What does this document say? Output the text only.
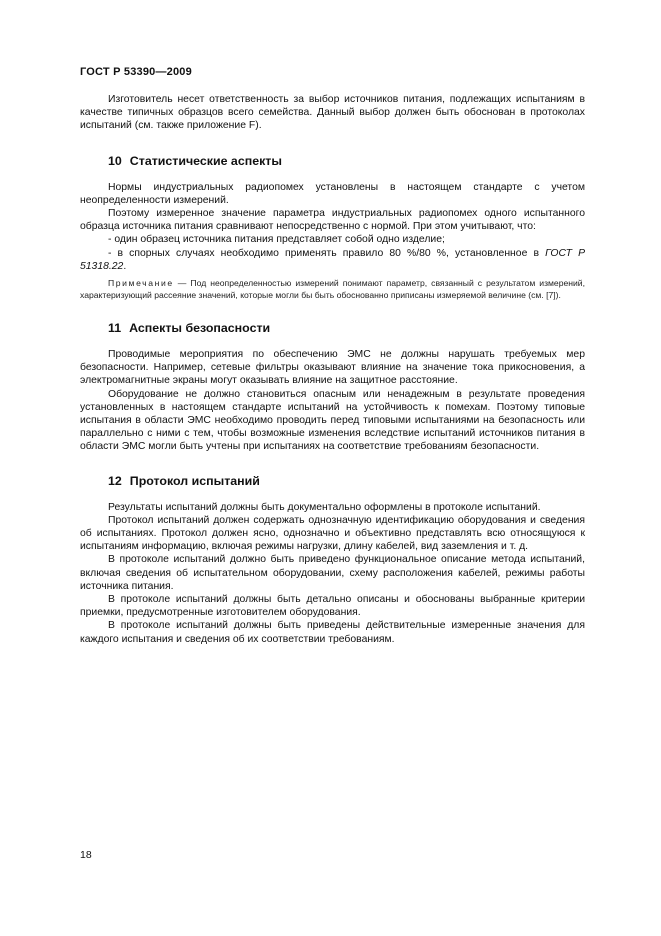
ГОСТ Р 53390—2009

Изготовитель несет ответственность за выбор источников питания, подлежащих испытаниям в качестве типичных образцов всего семейства. Данный выбор должен быть обоснован в протоколах испытаний (см. также приложение F).

10 Статистические аспекты

Нормы индустриальных радиопомех установлены в настоящем стандарте с учетом неопределенности измерений.

Поэтому измеренное значение параметра индустриальных радиопомех одного испытанного образца источника питания сравнивают непосредственно с нормой. При этом учитывают, что:

- один образец источника питания представляет собой одно изделие;

- в спорных случаях необходимо применять правило 80 %/80 %, установленное в ГОСТ Р 51318.22.

Примечание — Под неопределенностью измерений понимают параметр, связанный с результатом измерений, характеризующий рассеяние значений, которые могли бы быть обоснованно приписаны измеряемой величине (см. [7]).

11 Аспекты безопасности

Проводимые мероприятия по обеспечению ЭМС не должны нарушать требуемых мер безопасности. Например, сетевые фильтры оказывают влияние на значение тока прикосновения, а электромагнитные экраны могут оказывать влияние на защитное расстояние.

Оборудование не должно становиться опасным или ненадежным в результате проведения установленных в настоящем стандарте испытаний на устойчивость к помехам. Поэтому типовые испытания в области ЭМС необходимо проводить перед типовыми испытаниями на безопасность или параллельно с ними с тем, чтобы возможные изменения вследствие испытаний источников питания в области ЭМС могли быть учтены при испытаниях на соответствие требованиям безопасности.

12 Протокол испытаний

Результаты испытаний должны быть документально оформлены в протоколе испытаний.

Протокол испытаний должен содержать однозначную идентификацию оборудования и сведения об испытаниях. Протокол должен ясно, однозначно и объективно представлять всю относящуюся к испытаниям информацию, включая режимы нагрузки, длину кабелей, вид заземления и т. д.

В протоколе испытаний должно быть приведено функциональное описание метода испытаний, включая сведения об испытательном оборудовании, схему расположения кабелей, режимы работы источника питания.

В протоколе испытаний должны быть детально описаны и обоснованы выбранные критерии приемки, предусмотренные изготовителем оборудования.

В протоколе испытаний должны быть приведены действительные измеренные значения для каждого испытания и сведения об их соответствии требованиям.

18
